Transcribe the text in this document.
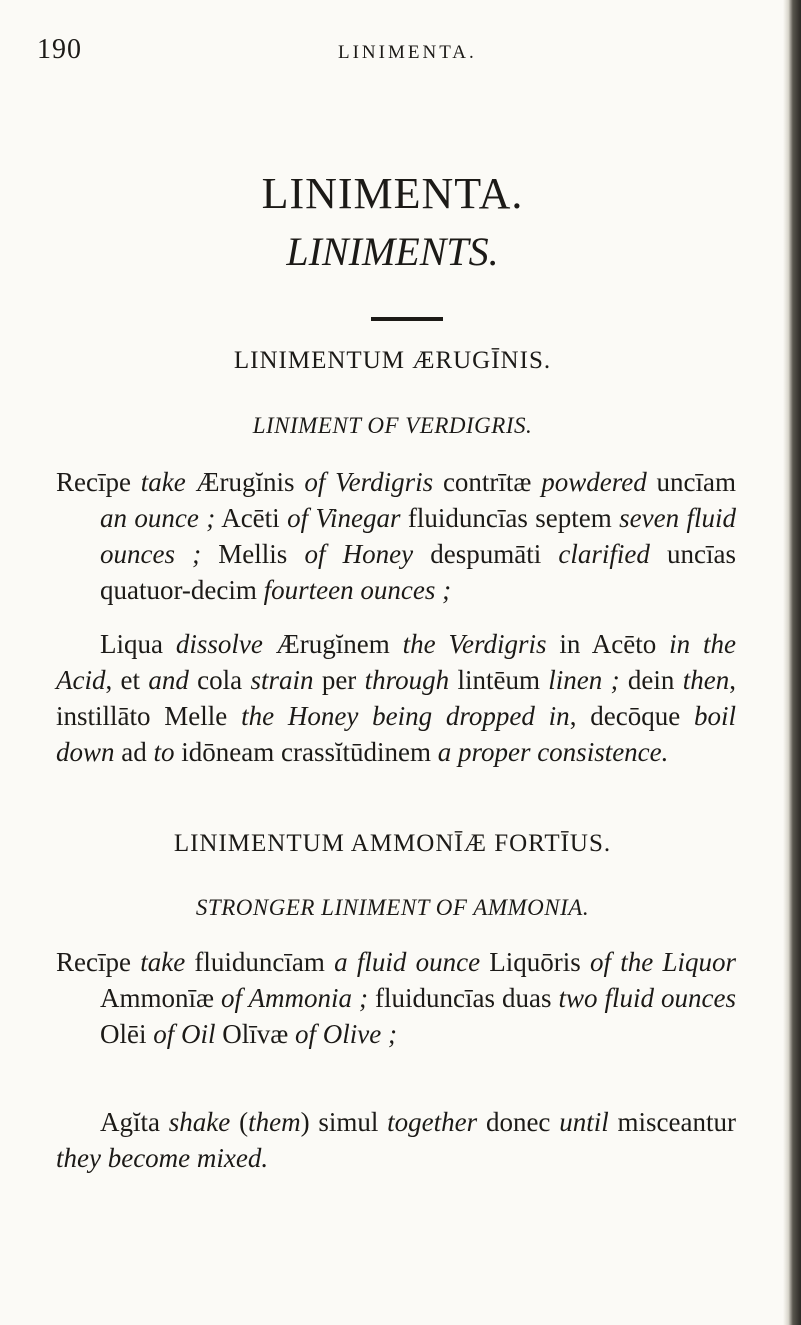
190	LINIMENTA.
LINIMENTA.
LINIMENTS.
LINIMENTUM ÆRUGĪNIS.
LINIMENT OF VERDIGRIS.
Recīpe take Ærugĭnis of Verdigris contrītæ powdered uncīam an ounce ; Acēti of Vinegar fluiduncīas septem seven fluid ounces ; Mellis of Honey despumāti clarified uncīas quatuor-decim fourteen ounces ;
Liqua dissolve Ærugĭnem the Verdigris in Acēto in the Acid, et and cola strain per through lintēum linen ; dein then, instillāto Melle the Honey being dropped in, decōque boil down ad to idōneam crassĭtūdinem a proper consistence.
LINIMENTUM AMMONĪÆ FORTĪUS.
STRONGER LINIMENT OF AMMONIA.
Recīpe take fluiduncīam a fluid ounce Liquōris of the Liquor Ammonīæ of Ammonia ; fluiduncīas duas two fluid ounces Olēi of Oil Olīvæ of Olive ;
Agĭta shake (them) simul together donec until misceantur they become mixed.
